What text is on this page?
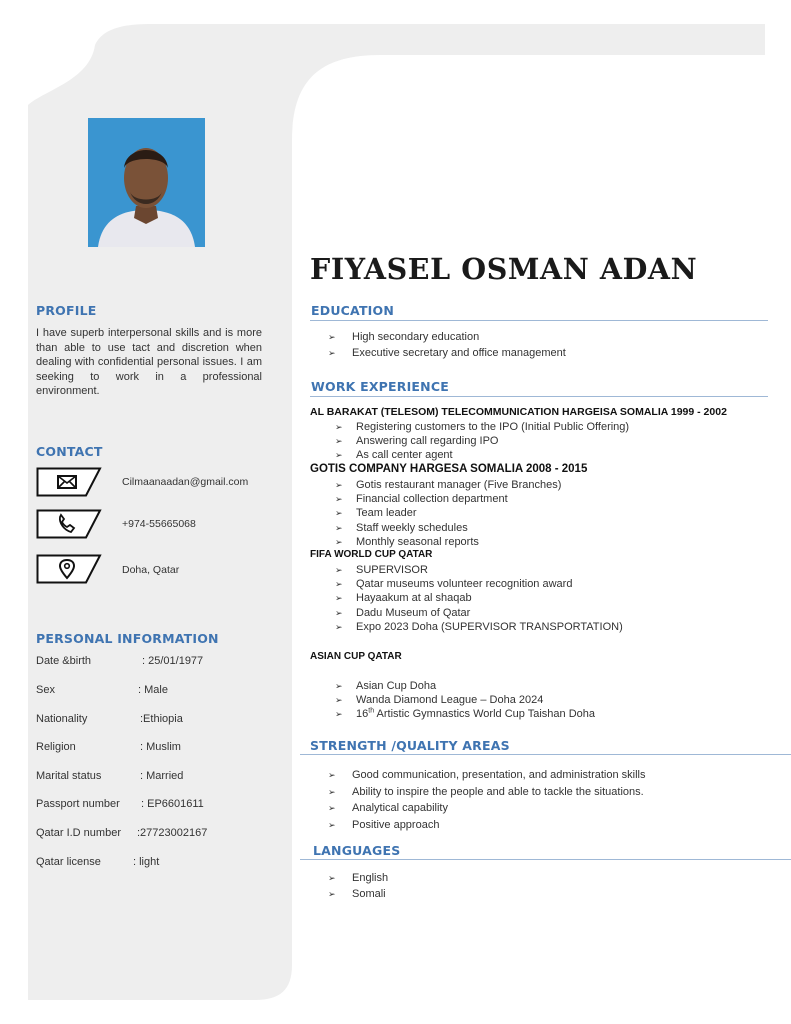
PROFILE

I have superb interpersonal skills and is more than able to use tact and discretion when dealing with confidential personal issues. I am seeking to work in a professional environment.

CONTACT
Cilmaanaadan@gmail.com
+974-55665068
Doha, Qatar
PERSONAL INFORMATION
Date &birth	: 25/01/1977
Sex	: Male
Nationality	:Ethiopia
Religion	: Muslim
Marital status	: Married
Passport number : EP6601611
Qatar I.D number :27723002167
Qatar license	: light
FIYASEL OSMAN ADAN
EDUCATION
➢ High secondary education
➢ Executive secretary and office management
WORK EXPERIENCE

AL BARAKAT (TELESOM) TELECOMMUNICATION HARGEISA SOMALIA 1999 - 2002

➢ Registering customers to the IPO (Initial Public Offering)
➢ Answering call regarding IPO
➢ As call center agent

GOTIS COMPANY HARGESA SOMALIA 2008 - 2015

➢ Gotis restaurant manager (Five Branches)
➢ Financial collection department
➢ Team leader
➢ Staff weekly schedules
➢ Monthly seasonal reports

FIFA WORLD CUP QATAR

➢ SUPERVISOR
➢ Qatar museums volunteer recognition award
➢ Hayaakum at al shaqab
➢ Dadu Museum of Qatar
➢ Expo 2023 Doha (SUPERVISOR TRANSPORTATION)

ASIAN CUP QATAR

➢ Asian Cup Doha
➢ Wanda Diamond League – Doha 2024
➢ 16th Artistic Gymnastics World Cup Taishan Doha
STRENGTH /QUALITY AREAS
➢ Good communication, presentation, and administration skills
➢ Ability to inspire the people and able to tackle the situations.
➢ Analytical capability
➢ Positive approach
LANGUAGES
➢ English
➢ Somali
